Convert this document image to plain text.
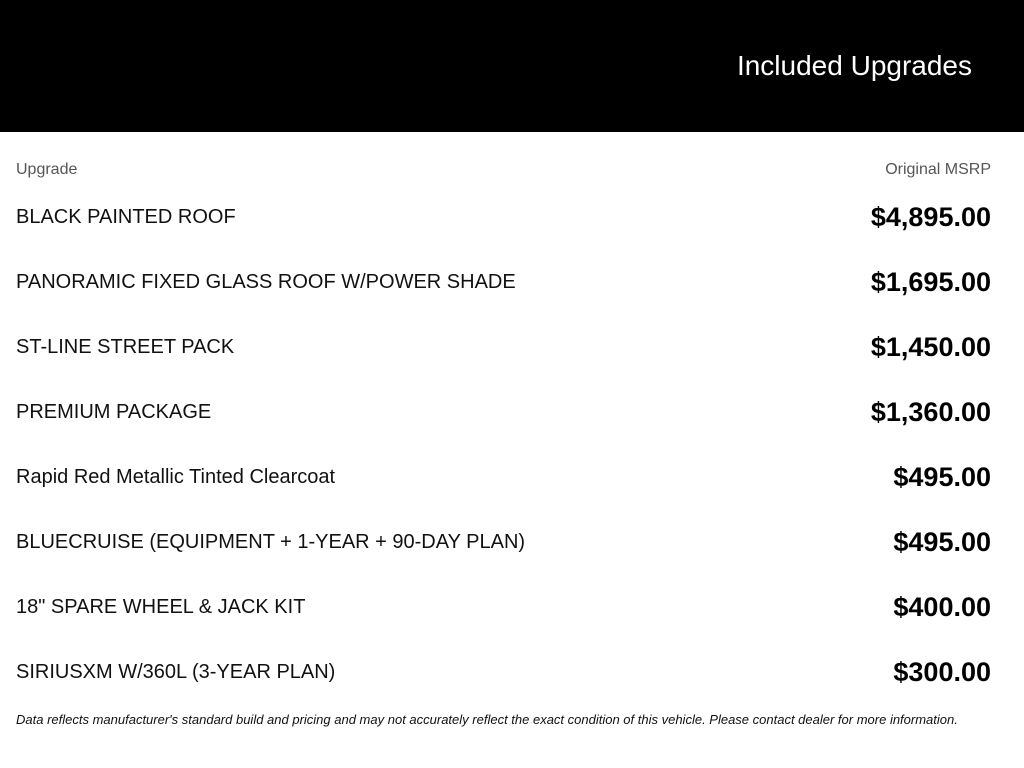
Included Upgrades
Upgrade	Original MSRP
BLACK PAINTED ROOF	$4,895.00
PANORAMIC FIXED GLASS ROOF W/POWER SHADE	$1,695.00
ST-LINE STREET PACK	$1,450.00
PREMIUM PACKAGE	$1,360.00
Rapid Red Metallic Tinted Clearcoat	$495.00
BLUECRUISE (EQUIPMENT + 1-YEAR + 90-DAY PLAN)	$495.00
18" SPARE WHEEL & JACK KIT	$400.00
SIRIUSXM W/360L (3-YEAR PLAN)	$300.00
Data reflects manufacturer's standard build and pricing and may not accurately reflect the exact condition of this vehicle. Please contact dealer for more information.
